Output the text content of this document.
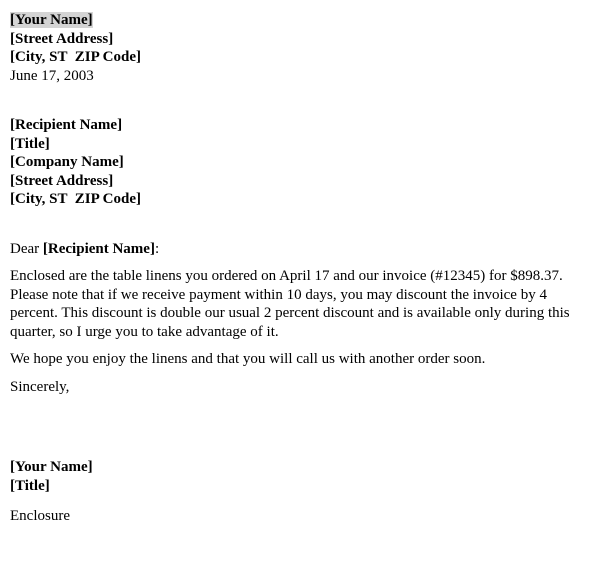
[Your Name]
[Street Address]
[City, ST  ZIP Code]
June 17, 2003
[Recipient Name]
[Title]
[Company Name]
[Street Address]
[City, ST  ZIP Code]
Dear [Recipient Name]:

Enclosed are the table linens you ordered on April 17 and our invoice (#12345) for $898.37. Please note that if we receive payment within 10 days, you may discount the invoice by 4 percent. This discount is double our usual 2 percent discount and is available only during this quarter, so I urge you to take advantage of it.

We hope you enjoy the linens and that you will call us with another order soon.

Sincerely,
[Your Name]
[Title]
Enclosure
